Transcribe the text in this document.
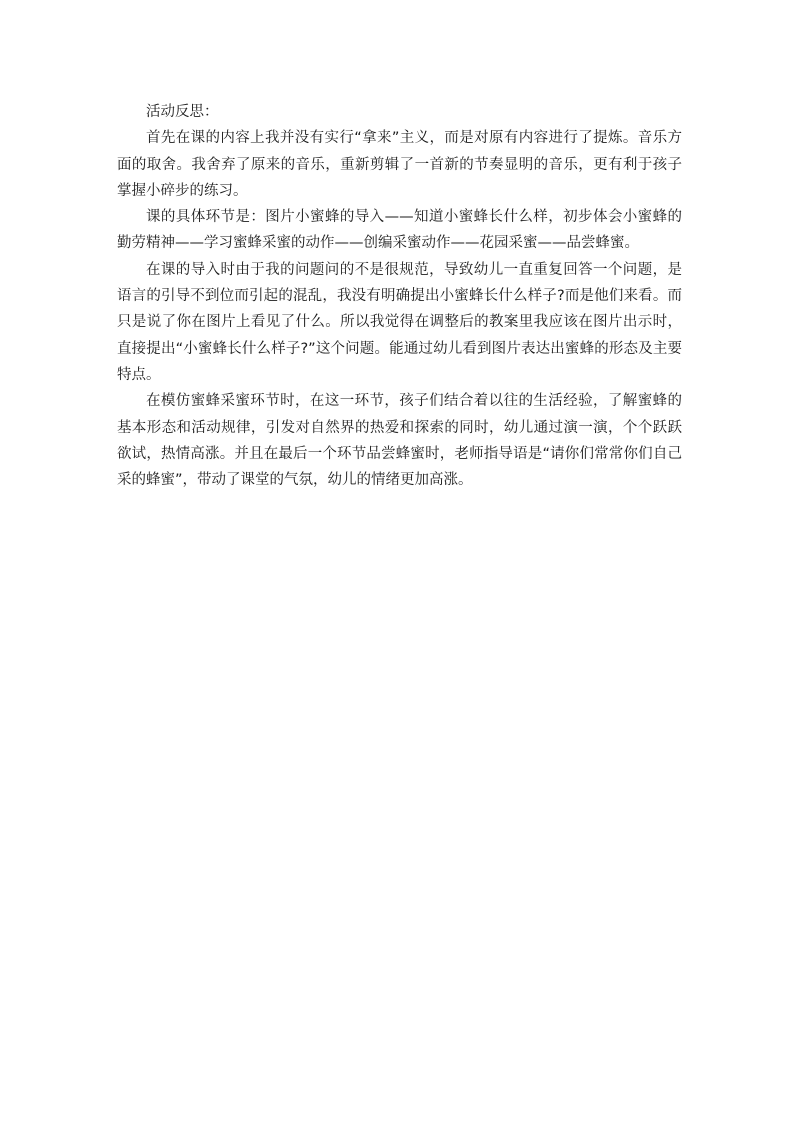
活动反思：

首先在课的内容上我并没有实行“拿来”主义，而是对原有内容进行了提炼。音乐方面的取舍。我舍弃了原来的音乐，重新剪辑了一首新的节奏显明的音乐，更有利于孩子掌握小碎步的练习。

课的具体环节是：图片小蜜蜂的导入——知道小蜜蜂长什么样，初步体会小蜜蜂的勤劳精神——学习蜜蜂采蜜的动作——创编采蜜动作——花园采蜜——品尝蜂蜜。

在课的导入时由于我的问题问的不是很规范，导致幼儿一直重复回答一个问题，是语言的引导不到位而引起的混乱，我没有明确提出小蜜蜂长什么样子?而是他们来看。而只是说了你在图片上看见了什么。所以我觉得在调整后的教案里我应该在图片出示时，直接提出“小蜜蜂长什么样子?”这个问题。能通过幼儿看到图片表达出蜜蜂的形态及主要特点。

在模仿蜜蜂采蜜环节时，在这一环节，孩子们结合着以往的生活经验，了解蜜蜂的基本形态和活动规律，引发对自然界的热爱和探索的同时，幼儿通过演一演，个个跃跃欲试，热情高涨。并且在最后一个环节品尝蜂蜜时，老师指导语是“请你们常常你们自己采的蜂蜜”，带动了课堂的气氛，幼儿的情绪更加高涨。
